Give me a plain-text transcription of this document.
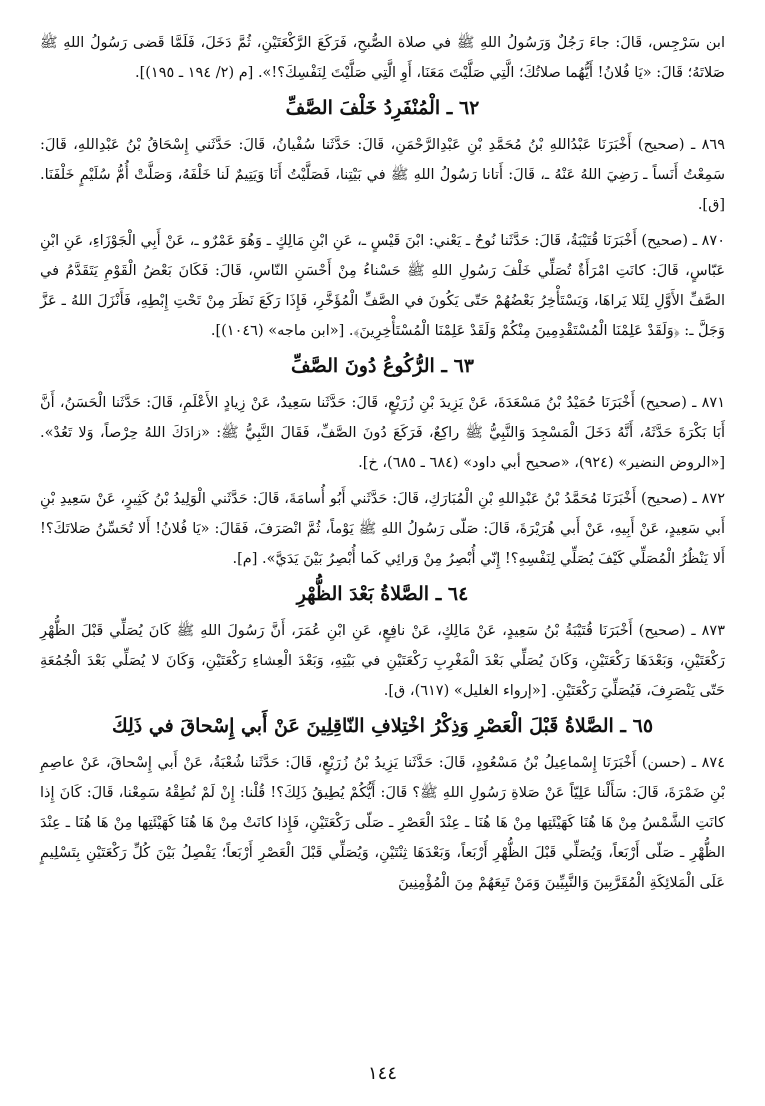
ابن سَرْجِس، قَالَ: جاءَ رَجُلٌ وَرَسُولُ اللهِ ﷺ في صلاة الصُّبحِ، فَرَكَعَ الرَّكْعَتَيْنِ، ثُمَّ دَخَلَ، فَلَمَّا قَضى رَسُولُ اللهِ ﷺ صَلاتَهُ؛ قَالَ: «يَا فُلانُ! أَيُّهُما صلاتُكَ؛ الَّتِي صَلَّيْتَ مَعَنَا، أَوِ الَّتِي صَلَّيْتَ لِنَفْسِكَ؟!». [م (٢/ ١٩٤ ـ ١٩٥)].

٦٢ ـ الْمُنْفَرِدُ خَلْفَ الصَّفِّ

٨٦٩ ـ (صحيح) أَخْبَرَنَا عَبْدُاللهِ بْنُ مُحَمَّدِ بْنِ عَبْدِالرَّحْمَنِ، قَالَ: حَدَّثَنا سُفْيانُ، قَالَ: حَدَّثَني إِسْحَاقُ بْنُ عَبْدِاللهِ، قَالَ: سَمِعْتُ أَنَساً ـ رَضِيَ اللهُ عَنْهُ ـ، قَالَ: أَتانا رَسُولُ اللهِ ﷺ في بَيْتِنا، فَصَلَّيْتُ أَنَا وَيَتِيمٌ لَنا خَلْفَهُ، وَصَلَّتْ أُمُّ سُلَيْمٍ خَلْفَنَا. [ق].

٨٧٠ ـ (صحيح) أَخْبَرَنَا قُتَيْبَةُ، قَالَ: حَدَّثَنا نُوحٌ ـ يَعْني: ابْنَ قَيْسٍ ـ، عَنِ ابْنِ مَالِكٍ ـ وَهُوَ عَمْرٌو ـ، عَنْ أَبِي الْجَوْزَاءِ، عَنِ ابْنِ عَبّاسٍ، قَالَ: كانَتِ امْرَأَةٌ تُصَلِّي خَلْفَ رَسُولِ اللهِ ﷺ حَسْناءُ مِنْ أَحْسَنِ النّاسِ، قَالَ: فَكَانَ بَعْضُ الْقَوْمِ يَتَقَدَّمُ في الصَّفِّ الأَوَّلِ لِئَلا يَراهَا، وَيَسْتَأْخِرُ بَعْضُهُمْ حَتّى يَكُونَ في الصَّفِّ الْمُؤَخَّرِ، فَإِذَا رَكَعَ نَظَرَ مِنْ تَحْتِ إِبْطِهِ، فَأَنْزَلَ اللهُ ـ عَزَّ وَجَلَّ ـ: ﴿وَلَقَدْ عَلِمْنَا الْمُسْتَقْدِمِينَ مِنْكُمْ وَلَقَدْ عَلِمْنَا الْمُسْتَأْخِرِينَ﴾. [«ابن ماجه» (١٠٤٦)].

٦٣ ـ الرُّكُوعُ دُونَ الصَّفِّ

٨٧١ ـ (صحيح) أَخْبَرَنَا حُمَيْدُ بْنُ مَسْعَدَةَ، عَنْ يَزِيدَ بْنِ زُرَيْعٍ، قَالَ: حَدَّثَنا سَعِيدٌ، عَنْ زِيادٍ الأَعْلَمِ، قَالَ: حَدَّثَنا الْحَسَنُ، أَنَّ أَبَا بَكْرَةَ حَدَّثَهُ، أَنَّهُ دَخَلَ الْمَسْجِدَ وَالنَّبِيُّ ﷺ راكِعٌ، فَرَكَعَ دُونَ الصَّفِّ، فَقَالَ النَّبِيُّ ﷺ: «زادَكَ اللهُ حِرْصاً، وَلا تَعُدْ». [«الروض النضير» (٩٢٤)، «صحيح أبي داود» (٦٨٤ ـ ٦٨٥)، خ].

٨٧٢ ـ (صحيح) أَخْبَرَنَا مُحَمَّدُ بْنُ عَبْدِاللهِ بْنِ الْمُبَارَكِ، قَالَ: حَدَّثَني أَبُو أُسامَةَ، قَالَ: حَدَّثَني الْوَلِيدُ بْنُ كَثِيرٍ، عَنْ سَعِيدِ بْنِ أَبي سَعِيدٍ، عَنْ أَبِيهِ، عَنْ أَبي هُرَيْرَةَ، قَالَ: صَلّى رَسُولُ اللهِ ﷺ يَوْماً، ثُمَّ انْصَرَفَ، فَقَالَ: «يَا فُلانُ! أَلا تُحَسِّنُ صَلاتَكَ؟! أَلا يَنْظُرُ الْمُصَلِّي كَيْفَ يُصَلِّي لِنَفْسِهِ؟! إِنّي أُبْصِرُ مِنْ وَرائِي كَما أُبْصِرُ بَيْنَ يَدَيَّ». [م].

٦٤ ـ الصَّلاةُ بَعْدَ الظُّهْرِ

٨٧٣ ـ (صحيح) أَخْبَرَنَا قُتَيْبَةُ بْنُ سَعِيدٍ، عَنْ مَالِكٍ، عَنْ نافِعٍ، عَنِ ابْنِ عُمَرَ، أَنَّ رَسُولَ اللهِ ﷺ كَانَ يُصَلِّي قَبْلَ الظُّهْرِ رَكْعَتَيْنِ، وَبَعْدَهَا رَكْعَتَيْنِ، وَكَانَ يُصَلِّي بَعْدَ الْمَغْرِبِ رَكْعَتَيْنِ في بَيْتِهِ، وَبَعْدَ الْعِشاءِ رَكْعَتَيْنِ، وَكَانَ لا يُصَلِّي بَعْدَ الْجُمُعَةِ حَتّى يَنْصَرِفَ، فَيُصَلِّيَ رَكْعَتَيْنِ. [«إرواء الغليل» (٦١٧)، ق].

٦٥ ـ الصَّلاةُ قَبْلَ الْعَصْرِ وَذِكْرُ اخْتِلافِ النّاقِلِينَ عَنْ أَبي إِسْحاقَ في ذَلِكَ

٨٧٤ ـ (حسن) أَخْبَرَنَا إِسْماعِيلُ بْنُ مَسْعُودٍ، قَالَ: حَدَّثَنا يَزِيدُ بْنُ زُرَيْعٍ، قَالَ: حَدَّثَنا شُعْبَةُ، عَنْ أَبي إِسْحاقَ، عَنْ عاصِمِ بْنِ ضَمْرَةَ، قَالَ: سَأَلْنا عَلِيّاً عَنْ صَلاةِ رَسُولِ اللهِ ﷺ؟ قَالَ: أَيُّكُمْ يُطِيقُ ذَلِكَ؟! قُلْنا: إِنْ لَمْ نُطِقْهُ سَمِعْنا، قَالَ: كَانَ إِذا كانَتِ الشَّمْسُ مِنْ هَا هُنَا كَهَيْئَتِها مِنْ هَا هُنَا ـ عِنْدَ الْعَصْرِ ـ صَلّى رَكْعَتَيْنِ، فَإِذا كانَتْ مِنْ هَا هُنَا كَهَيْئَتِها مِنْ هَا هُنَا ـ عِنْدَ الظُّهْرِ ـ صَلّى أَرْبَعاً، وَيُصَلِّي قَبْلَ الظُّهْرِ أَرْبَعاً، وَبَعْدَهَا ثِنْتَيْنِ، وَيُصَلِّي قَبْلَ الْعَصْرِ أَرْبَعاً؛ يَفْصِلُ بَيْنَ كُلِّ رَكْعَتَيْنِ بِتَسْلِيمٍ عَلَى الْمَلائِكَةِ الْمُقَرَّبِينَ وَالنَّبِيِّينَ وَمَنْ تَبِعَهُمْ مِنَ الْمُؤْمِنِينَ

١٤٤
